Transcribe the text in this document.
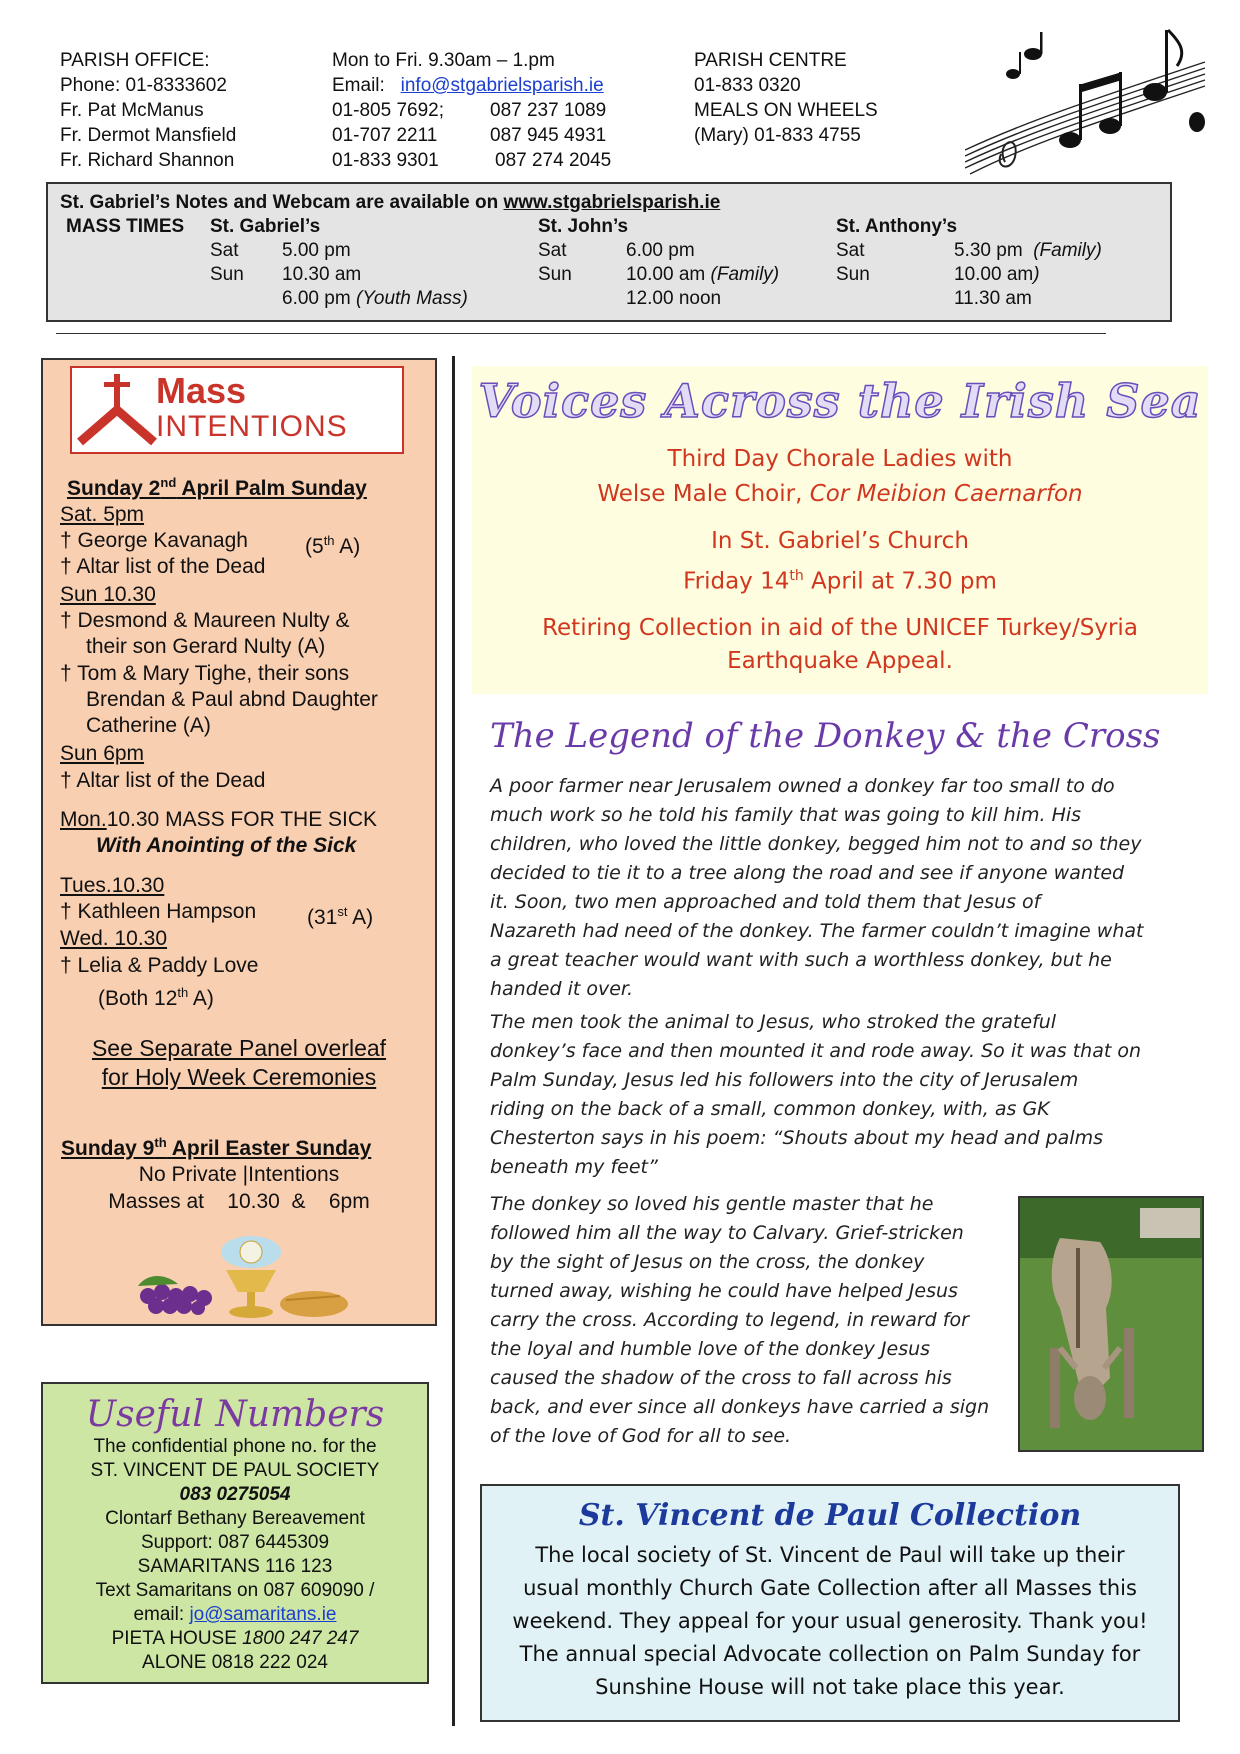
PARISH OFFICE:
Phone: 01-8333602
Fr. Pat McManus
Fr. Dermot Mansfield
Fr. Richard Shannon
Mon to Fri. 9.30am – 1.pm
Email: info@stgabrielsparish.ie
01-805 7692; 087 237 1089
01-707 2211	087 945 4931
01-833 9301	087 274 2045
PARISH CENTRE
01-833 0320
MEALS ON WHEELS
(Mary) 01-833 4755
St. Gabriel’s Notes and Webcam are available on www.stgabrielsparish.ie
MASS TIMES St. Gabriel’s
Sat 5.00 pm
Sun 10.30 am
6.00 pm (Youth Mass)
St. John’s
Sat	6.00 pm
Sun	10.00 am (Family)
12.00 noon
St. Anthony’s
Sat	5.30 pm (Family)
Sun	10.00 am)
11.30 am
Mass
INTENTIONS
Sunday 2nd April Palm Sunday
Sat. 5pm
† George Kavanagh	(5th A)
† Altar list of the Dead
Sun 10.30
† Desmond & Maureen Nulty &
their son Gerard Nulty (A)
† Tom & Mary Tighe, their sons
Brendan & Paul abnd Daughter
Catherine (A)
Sun 6pm
† Altar list of the Dead
Mon.10.30 MASS FOR THE SICK
With Anointing of the Sick
Tues.10.30
† Kathleen Hampson (31st A)
Wed. 10.30
† Lelia & Paddy Love
(Both 12th A)
See Separate Panel overleaf
for Holy Week Ceremonies
Sunday 9th April Easter Sunday
No Private |Intentions
Masses at    10.30  &    6pm
Useful Numbers
The confidential phone no. for the
ST. VINCENT DE PAUL SOCIETY
083 0275054
Clontarf Bethany Bereavement
Support: 087 6445309
SAMARITANS 116 123
Text Samaritans on 087 609090 /
email: jo@samaritans.ie
PIETA HOUSE 1800 247 247
ALONE 0818 222 024
Voices Across the Irish Sea
Third Day Chorale Ladies with
Welse Male Choir, Cor Meibion Caernarfon
In St. Gabriel’s Church
Friday 14th April at 7.30 pm
Retiring Collection in aid of the UNICEF Turkey/Syria
Earthquake Appeal.
The Legend of the Donkey & the Cross
A poor farmer near Jerusalem owned a donkey far too small to do
much work so he told his family that was going to kill him. His
children, who loved the little donkey, begged him not to and so they
decided to tie it to a tree along the road and see if anyone wanted
it. Soon, two men approached and told them that Jesus of
Nazareth had need of the donkey. The farmer couldn’t imagine what
a great teacher would want with such a worthless donkey, but he
handed it over.
The men took the animal to Jesus, who stroked the grateful
donkey’s face and then mounted it and rode away. So it was that on
Palm Sunday, Jesus led his followers into the city of Jerusalem
riding on the back of a small, common donkey, with, as GK
Chesterton says in his poem: “Shouts about my head and palms
beneath my feet”
The donkey so loved his gentle master that he
followed him all the way to Calvary. Grief-stricken
by the sight of Jesus on the cross, the donkey
turned away, wishing he could have helped Jesus
carry the cross. According to legend, in reward for
the loyal and humble love of the donkey Jesus
caused the shadow of the cross to fall across his
back, and ever since all donkeys have carried a sign
of the love of God for all to see.
St. Vincent de Paul Collection
The local society of St. Vincent de Paul will take up their
usual monthly Church Gate Collection after all Masses this
weekend. They appeal for your usual generosity. Thank you!
The annual special Advocate collection on Palm Sunday for
Sunshine House will not take place this year.
